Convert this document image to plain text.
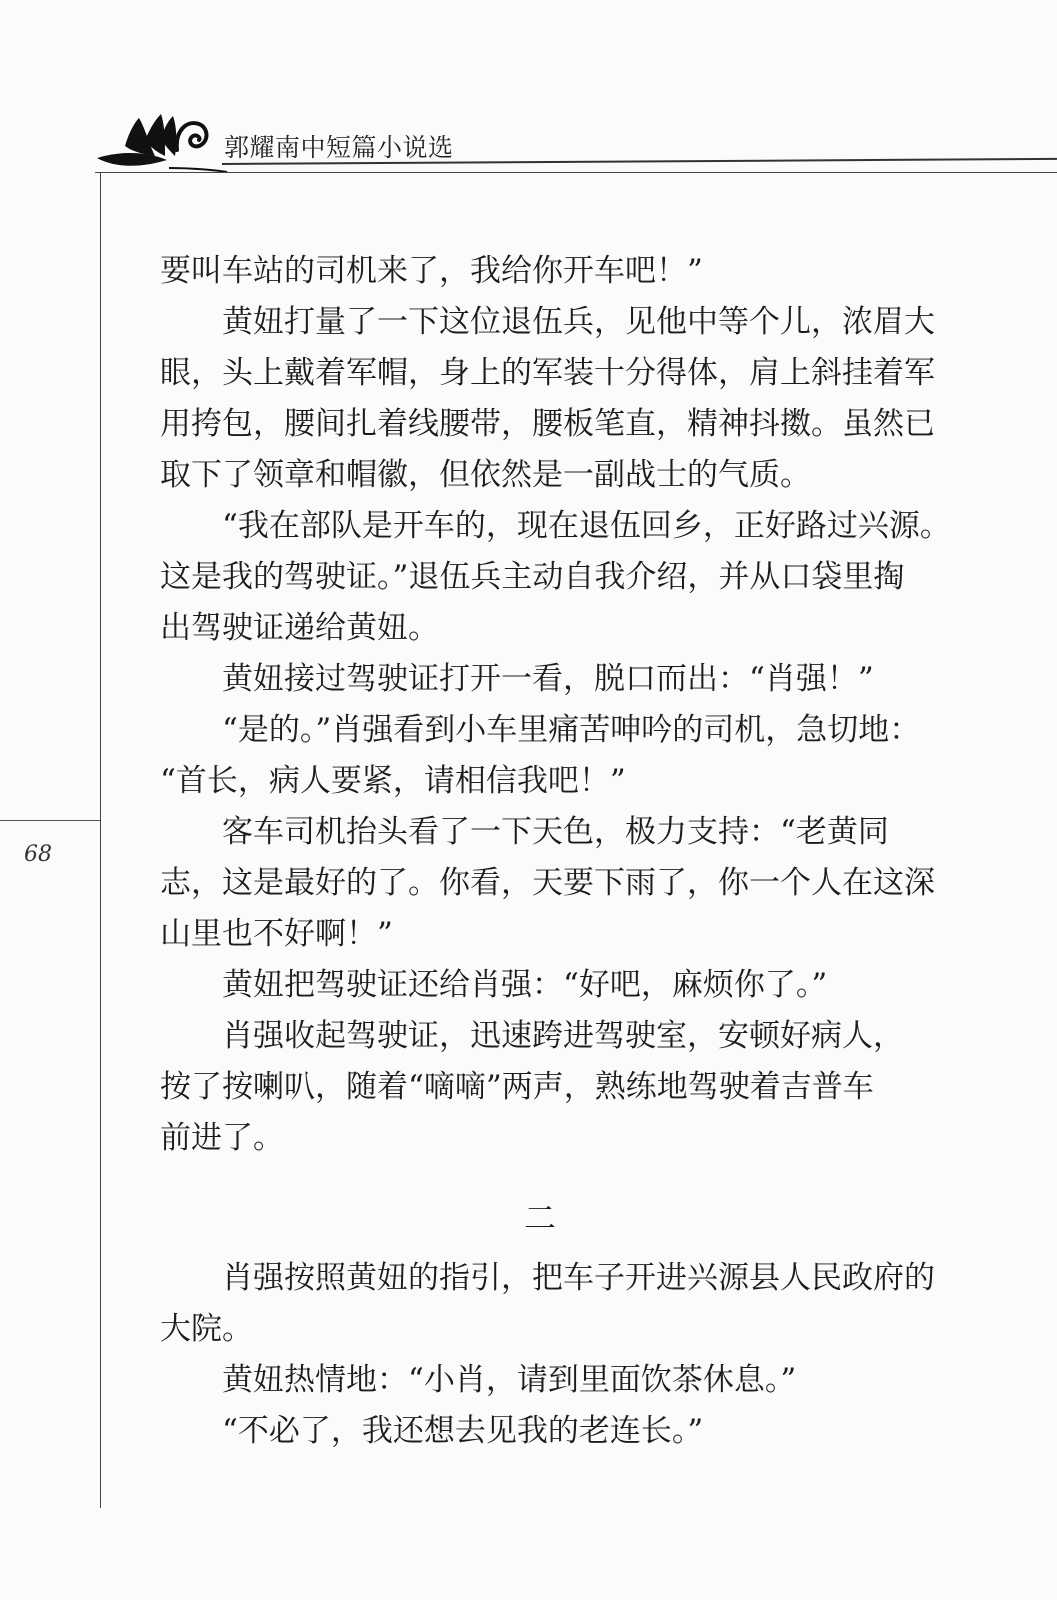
郭耀南中短篇小说选
68
要叫车站的司机来了，我给你开车吧！”
　　黄妞打量了一下这位退伍兵，见他中等个儿，浓眉大
眼，头上戴着军帽，身上的军装十分得体，肩上斜挂着军
用挎包，腰间扎着线腰带，腰板笔直，精神抖擞。虽然已
取下了领章和帽徽，但依然是一副战士的气质。
　　“我在部队是开车的，现在退伍回乡，正好路过兴源。
这是我的驾驶证。”退伍兵主动自我介绍，并从口袋里掏
出驾驶证递给黄妞。
　　黄妞接过驾驶证打开一看，脱口而出：“肖强！”
　　“是的。”肖强看到小车里痛苦呻吟的司机，急切地：
“首长，病人要紧，请相信我吧！”
　　客车司机抬头看了一下天色，极力支持：“老黄同
志，这是最好的了。你看，天要下雨了，你一个人在这深
山里也不好啊！”
　　黄妞把驾驶证还给肖强：“好吧，麻烦你了。”
　　肖强收起驾驶证，迅速跨进驾驶室，安顿好病人，
按了按喇叭，随着“嘀嘀”两声，熟练地驾驶着吉普车
前进了。
二
　　肖强按照黄妞的指引，把车子开进兴源县人民政府的
大院。
　　黄妞热情地：“小肖，请到里面饮茶休息。”
　　“不必了，我还想去见我的老连长。”
